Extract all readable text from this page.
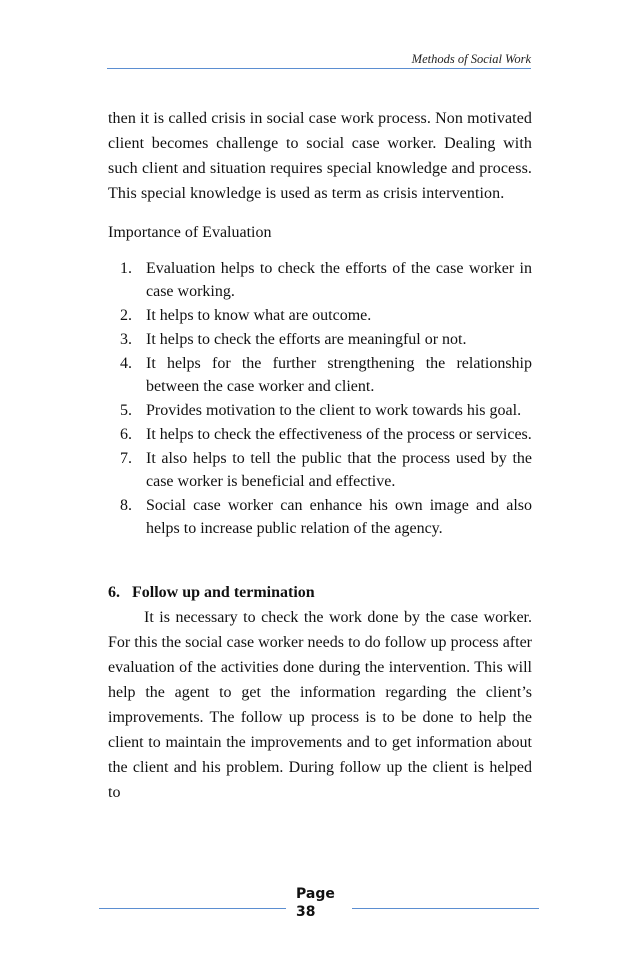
Methods of Social Work

then it is called crisis in social case work process. Non motivated client becomes challenge to social case worker. Dealing with such client and situation requires special knowledge and process. This special knowledge is used as term as crisis intervention.

Importance of Evaluation

1. Evaluation helps to check the efforts of the case worker in case working.
2. It helps to know what are outcome.
3. It helps to check the efforts are meaningful or not.
4. It helps for the further strengthening the relationship between the case worker and client.
5. Provides motivation to the client to work towards his goal.
6. It helps to check the effectiveness of the process or services.
7. It also helps to tell the public that the process used by the case worker is beneficial and effective.
8. Social case worker can enhance his own image and also helps to increase public relation of the agency.

6. Follow up and termination

It is necessary to check the work done by the case worker. For this the social case worker needs to do follow up process after evaluation of the activities done during the intervention. This will help the agent to get the information regarding the client’s improvements. The follow up process is to be done to help the client to maintain the improvements and to get information about the client and his problem. During follow up the client is helped to

Page
38
